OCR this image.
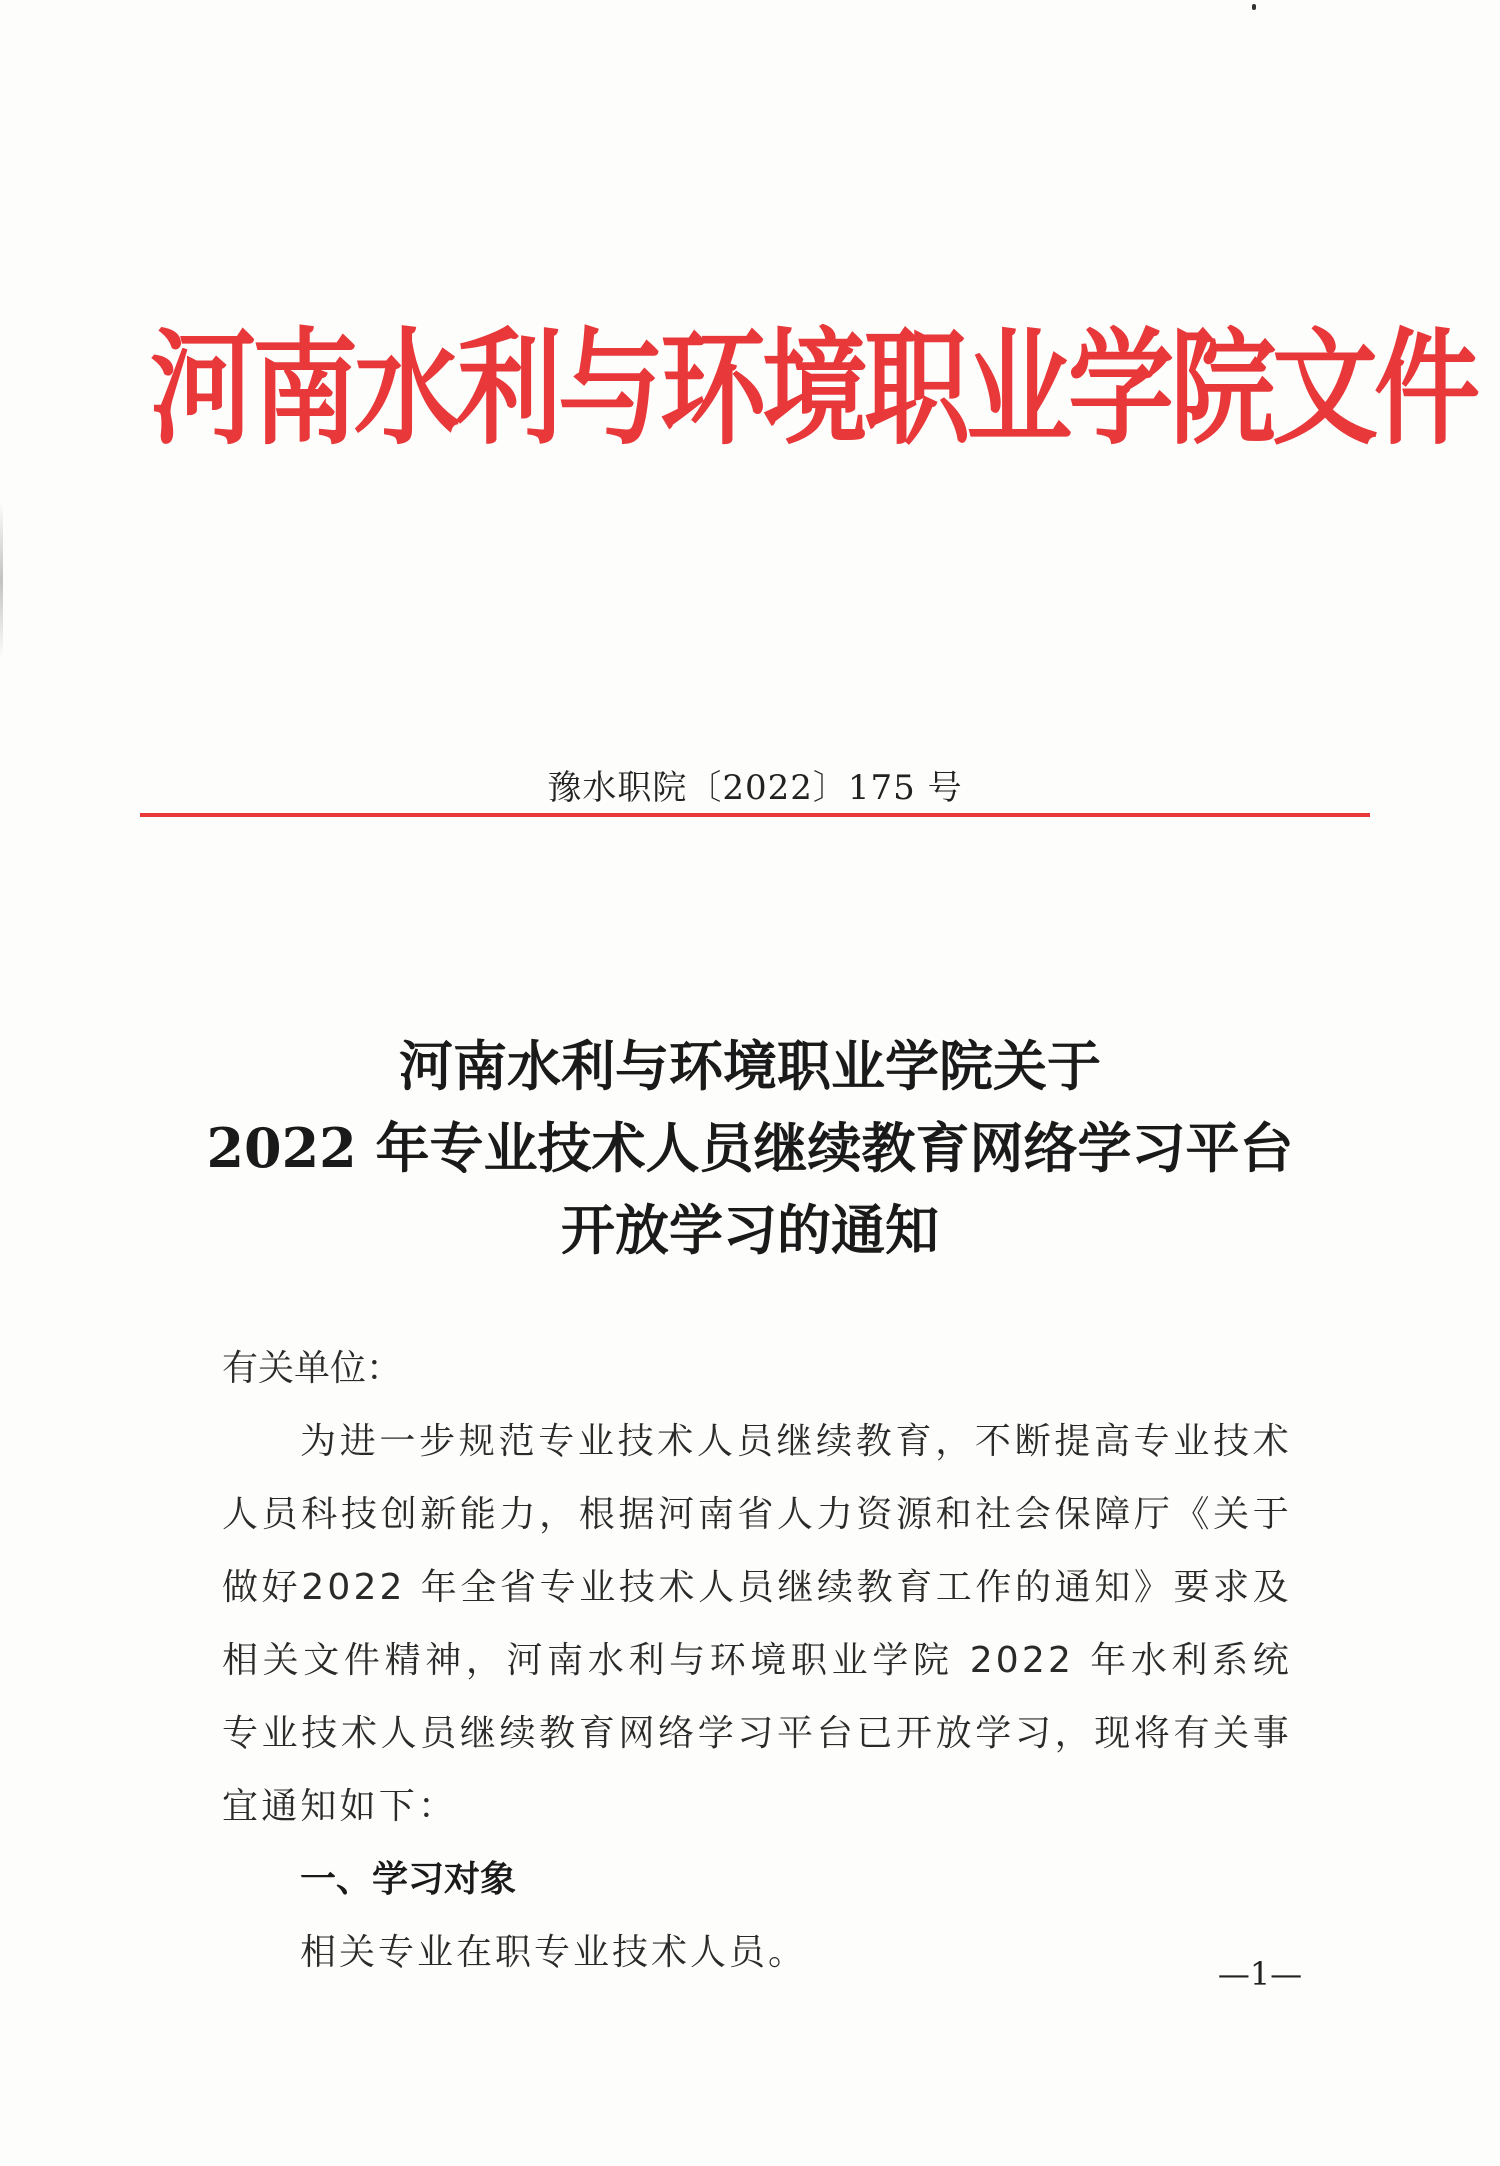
河南水利与环境职业学院文件
豫水职院〔2022〕175 号
河南水利与环境职业学院关于
2022 年专业技术人员继续教育网络学习平台
开放学习的通知
有关单位：
为进一步规范专业技术人员继续教育，不断提高专业技术人员科技创新能力，根据河南省人力资源和社会保障厅《关于做好2022 年全省专业技术人员继续教育工作的通知》要求及相关文件精神，河南水利与环境职业学院 2022 年水利系统专业技术人员继续教育网络学习平台已开放学习，现将有关事宜通知如下：
一、学习对象
相关专业在职专业技术人员。
—1—
